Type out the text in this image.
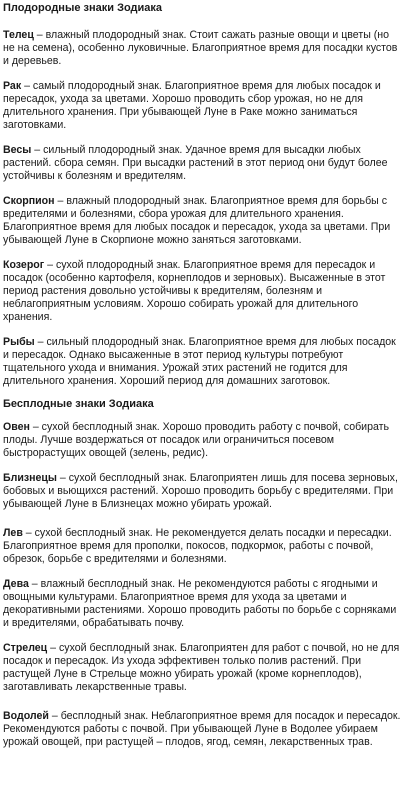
Плодородные знаки Зодиака

Телец – влажный плодородный знак. Стоит сажать разные овощи и цветы (но не на семена), особенно луковичные. Благоприятное время для посадки кустов и деревьев.

Рак – самый плодородный знак. Благоприятное время для любых посадок и пересадок, ухода за цветами. Хорошо проводить сбор урожая, но не для длительного хранения. При убывающей Луне в Раке можно заниматься заготовками.

Весы – сильный плодородный знак. Удачное время для высадки любых растений. сбора семян. При высадки растений в этот период они будут более устойчивы к болезням и вредителям.

Скорпион – влажный плодородный знак. Благоприятное время для борьбы с вредителями и болезнями, сбора урожая для длительного хранения. Благоприятное время для любых посадок и пересадок, ухода за цветами. При убывающей Луне в Скорпионе можно заняться заготовками.

Козерог – сухой плодородный знак. Благоприятное время для пересадок и посадок (особенно картофеля, корнеплодов и зерновых). Высаженные в этот период растения довольно устойчивы к вредителям, болезням и неблагоприятным условиям. Хорошо собирать урожай для длительного хранения.

Рыбы – сильный плодородный знак. Благоприятное время для любых посадок и пересадок. Однако высаженные в этот период культуры потребуют тщательного ухода и внимания. Урожай этих растений не годится для длительного хранения. Хороший период для домашних заготовок.

Бесплодные знаки Зодиака

Овен – сухой бесплодный знак. Хорошо проводить работу с почвой, собирать плоды. Лучше воздержаться от посадок или ограничиться посевом быстрорастущих овощей (зелень, редис).

Близнецы – сухой бесплодный знак. Благоприятен лишь для посева зерновых, бобовых и вьющихся растений. Хорошо проводить борьбу с вредителями. При убывающей Луне в Близнецах можно убирать урожай.

Лев – сухой бесплодный знак. Не рекомендуется делать посадки и пересадки. Благоприятное время для прополки, покосов, подкормок, работы с почвой, обрезок, борьбе с вредителями и болезнями.

Дева – влажный бесплодный знак. Не рекомендуются работы с ягодными и овощными культурами. Благоприятное время для ухода за цветами и декоративными растениями. Хорошо проводить работы по борьбе с сорняками и вредителями, обрабатывать почву.

Стрелец – сухой бесплодный знак. Благоприятен для работ с почвой, но не для посадок и пересадок. Из ухода эффективен только полив растений. При растущей Луне в Стрельце можно убирать урожай (кроме корнеплодов), заготавливать лекарственные травы.

Водолей – бесплодный знак. Неблагоприятное время для посадок и пересадок. Рекомендуются работы с почвой. При убывающей Луне в Водолее убираем урожай овощей, при растущей – плодов, ягод, семян, лекарственных трав.
